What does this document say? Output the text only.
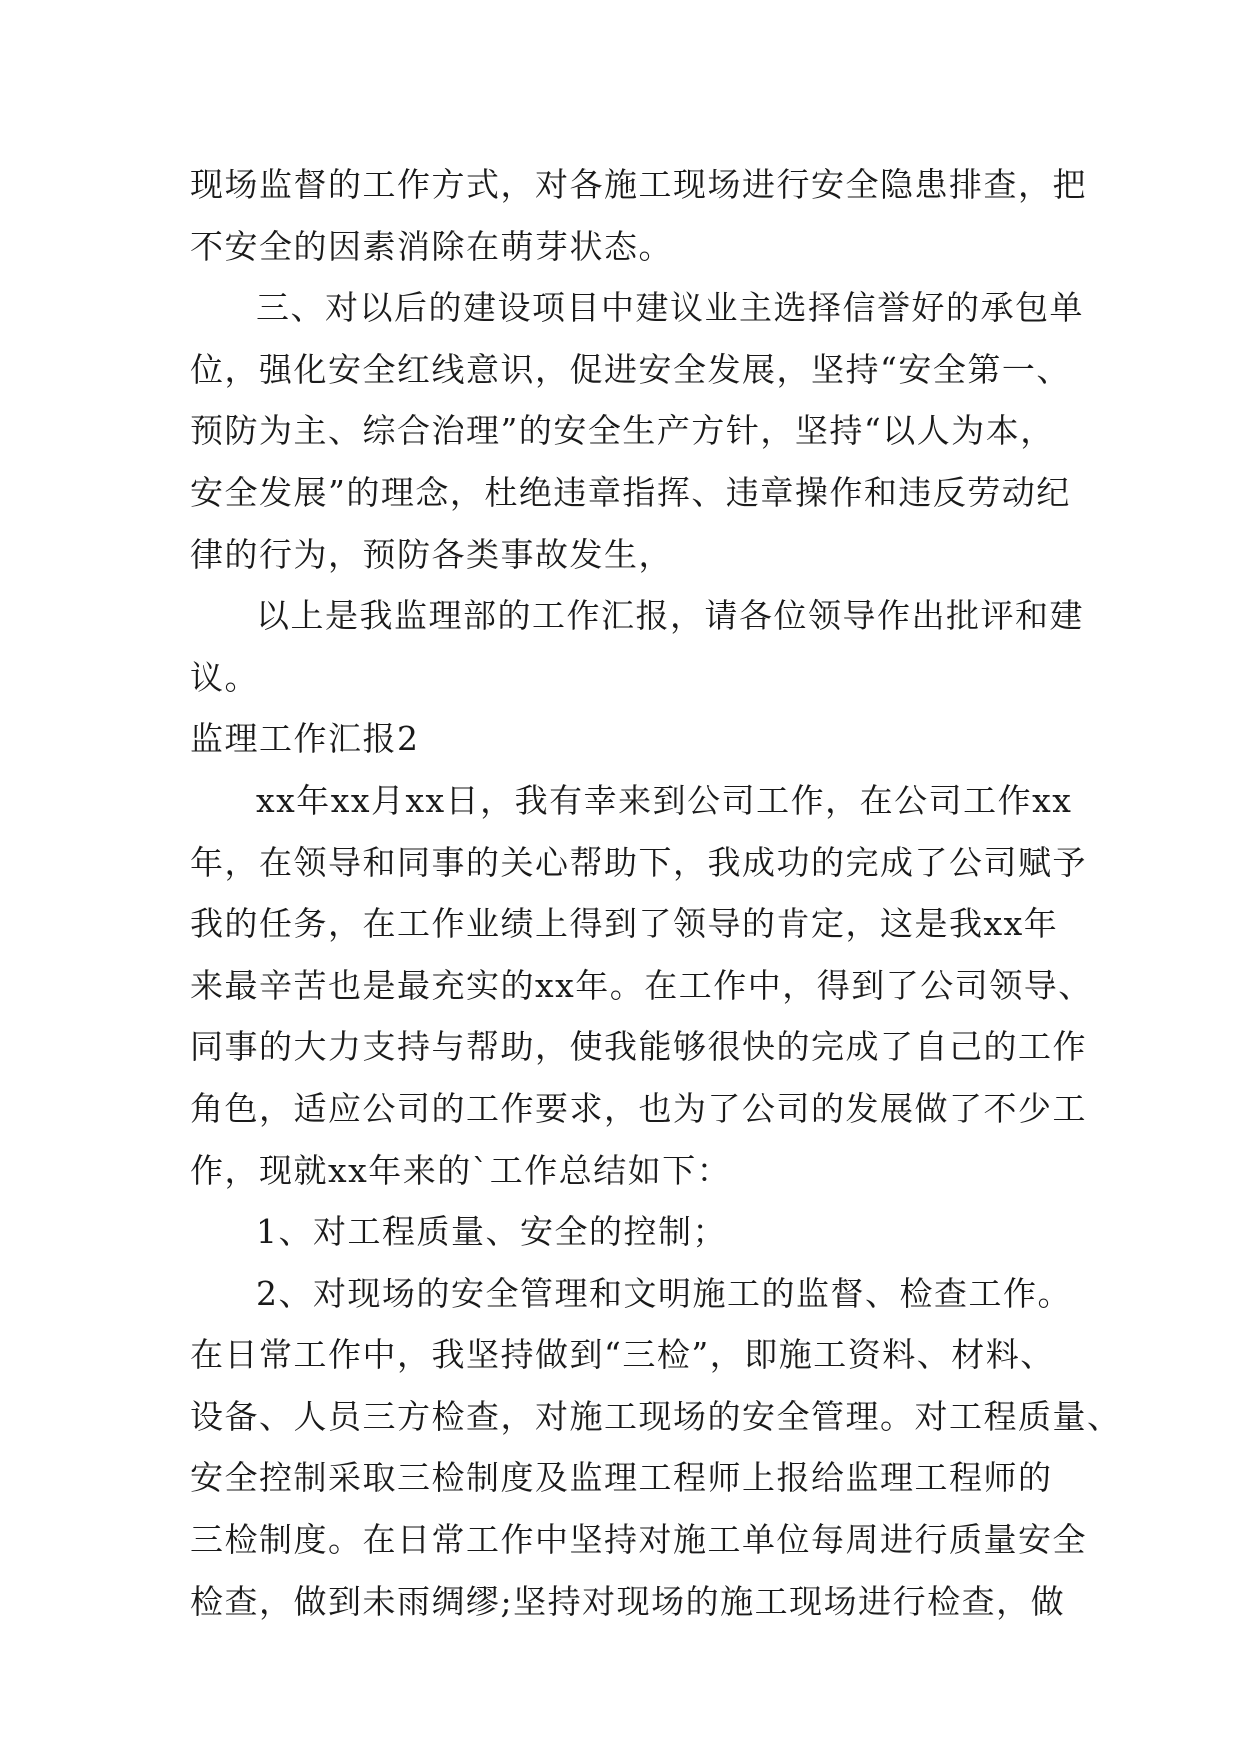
现场监督的工作方式，对各施工现场进行安全隐患排查，把
不安全的因素消除在萌芽状态。

三、对以后的建设项目中建议业主选择信誉好的承包单
位，强化安全红线意识，促进安全发展，坚持“安全第一、
预防为主、综合治理”的安全生产方针，坚持“以人为本，
安全发展”的理念，杜绝违章指挥、违章操作和违反劳动纪
律的行为，预防各类事故发生，

以上是我监理部的工作汇报，请各位领导作出批评和建
议。

监理工作汇报2

xx年xx月xx日，我有幸来到公司工作，在公司工作xx
年，在领导和同事的关心帮助下，我成功的完成了公司赋予
我的任务，在工作业绩上得到了领导的肯定，这是我xx年
来最辛苦也是最充实的xx年。在工作中，得到了公司领导、
同事的大力支持与帮助，使我能够很快的完成了自己的工作
角色，适应公司的工作要求，也为了公司的发展做了不少工
作，现就xx年来的`工作总结如下：

1、对工程质量、安全的控制；

2、对现场的安全管理和文明施工的监督、检查工作。
在日常工作中，我坚持做到“三检”，即施工资料、材料、
设备、人员三方检查，对施工现场的安全管理。对工程质量、
安全控制采取三检制度及监理工程师上报给监理工程师的
三检制度。在日常工作中坚持对施工单位每周进行质量安全
检查，做到未雨绸缪;坚持对现场的施工现场进行检查，做
